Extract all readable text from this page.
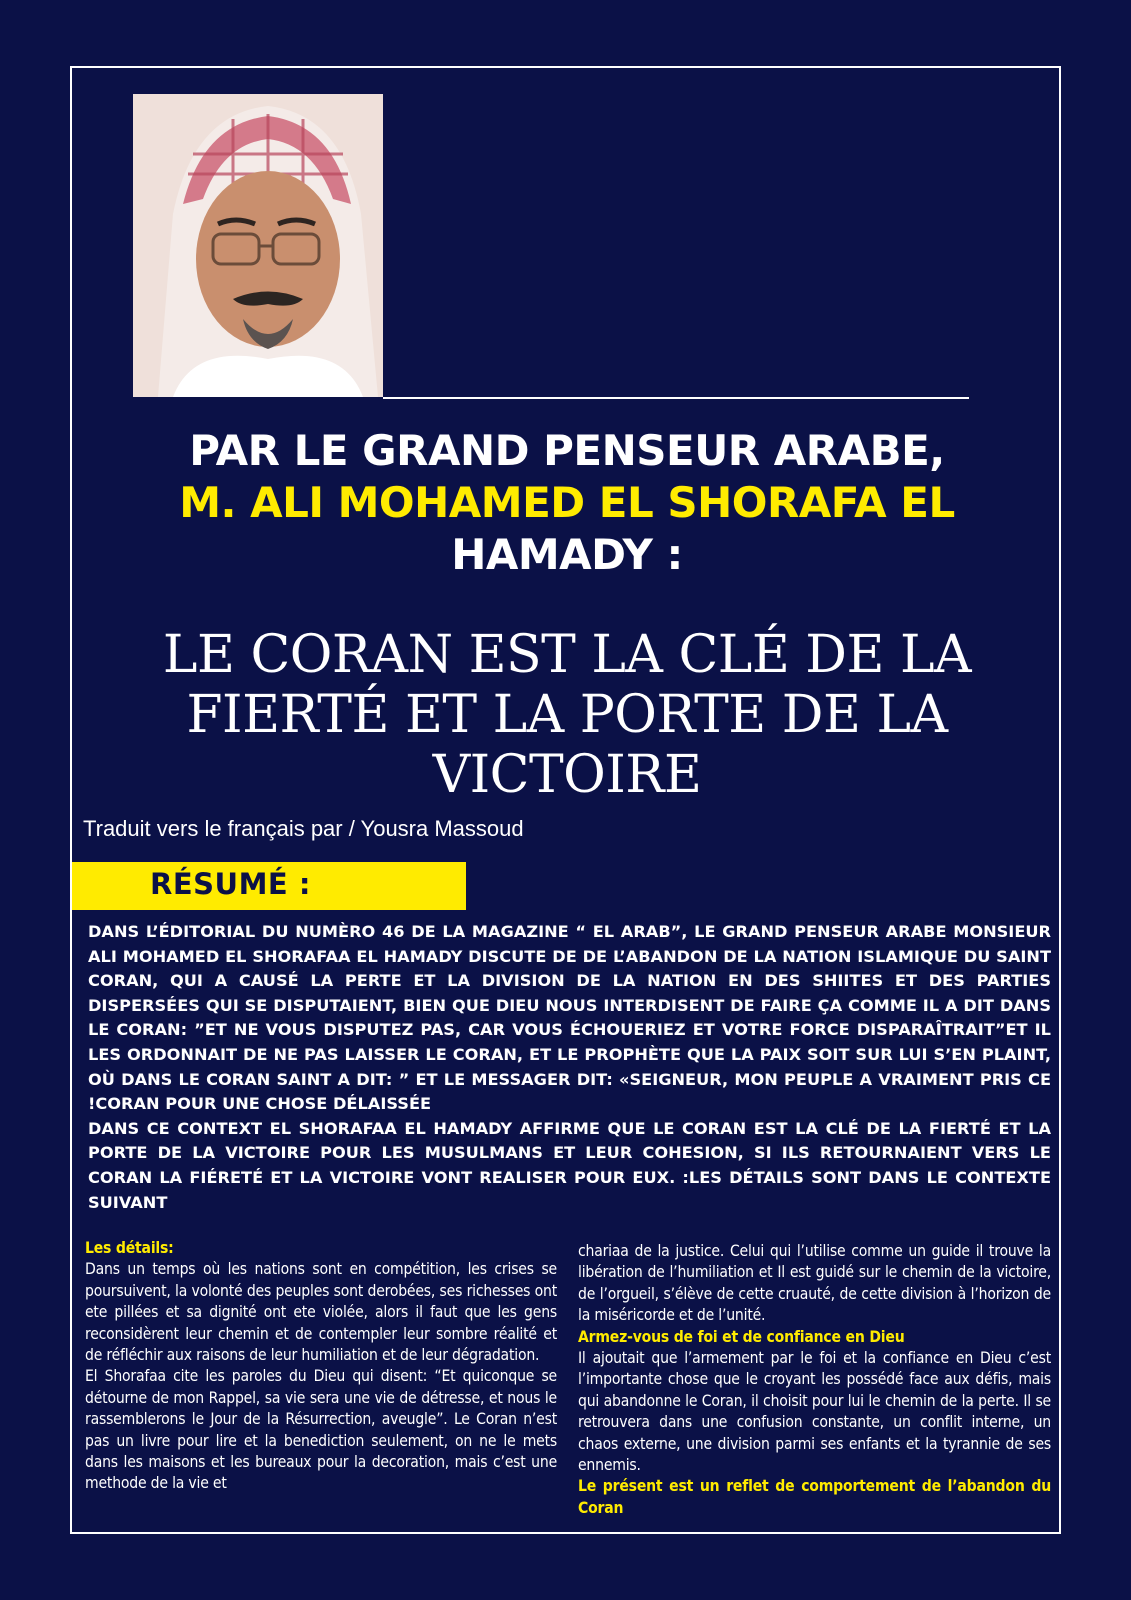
PAR LE GRAND PENSEUR ARABE,
M. ALI MOHAMED EL SHORAFA EL
HAMADY :
LE CORAN EST LA CLÉ DE LA
FIERTÉ ET LA PORTE DE LA
VICTOIRE
Traduit vers le français par / Yousra Massoud
RÉSUMÉ :

DANS L’ÉDITORIAL DU NUMÈRO 46 DE LA MAGAZINE “ EL ARAB”, LE GRAND PENSEUR ARABE MONSIEUR ALI MOHAMED EL SHORAFAA EL HAMADY DISCUTE DE DE L’ABANDON DE LA NATION ISLAMIQUE DU SAINT CORAN, QUI A CAUSÉ LA PERTE ET LA DIVISION DE LA NATION EN DES SHIITES ET DES PARTIES DISPERSÉES QUI SE DISPUTAIENT, BIEN QUE DIEU NOUS INTERDISENT DE FAIRE ÇA COMME IL A DIT DANS LE CORAN: ”ET NE VOUS DISPUTEZ PAS, CAR VOUS ÉCHOUERIEZ ET VOTRE FORCE DISPARAÎTRAIT”ET IL LES ORDONNAIT DE NE PAS LAISSER LE CORAN, ET LE PROPHÈTE QUE LA PAIX SOIT SUR LUI S’EN PLAINT, OÙ DANS LE CORAN SAINT A DIT: ” ET LE MESSAGER DIT: «SEIGNEUR, MON PEUPLE A VRAIMENT PRIS CE !CORAN POUR UNE CHOSE DÉLAISSÉE

DANS CE CONTEXT EL SHORAFAA EL HAMADY AFFIRME QUE LE CORAN EST LA CLÉ DE LA FIERTÉ ET LA PORTE DE LA VICTOIRE POUR LES MUSULMANS ET LEUR COHESION, SI ILS RETOURNAIENT VERS LE CORAN LA FIÉRETÉ ET LA VICTOIRE VONT REALISER POUR EUX. :LES DÉTAILS SONT DANS LE CONTEXTE SUIVANT

Les détails:

Dans un temps où les nations sont en compétition, les crises se poursuivent, la volonté des peuples sont derobées, ses richesses ont ete pillées et sa dignité ont ete violée, alors il faut que les gens reconsidèrent leur chemin et de contempler leur sombre réalité et de réfléchir aux raisons de leur humiliation et de leur dégradation.

El Shorafaa cite les paroles du Dieu qui disent: “Et quiconque se détourne de mon Rappel, sa vie sera une vie de détresse, et nous le rassemblerons le Jour de la Résurrection, aveugle”. Le Coran n’est pas un livre pour lire et la benediction seulement, on ne le mets dans les maisons et les bureaux pour la decoration, mais c’est une methode de la vie et

chariaa de la justice. Celui qui l’utilise comme un guide il trouve la libération de l’humiliation et Il est guidé sur le chemin de la victoire, de l’orgueil, s’élève de cette cruauté, de cette division à l’horizon de la miséricorde et de l’unité.

Armez-vous de foi et de confiance en Dieu

Il ajoutait que l’armement par le foi et la confiance en Dieu c’est l’importante chose que le croyant les possédé face aux défis, mais qui abandonne le Coran, il choisit pour lui le chemin de la perte. Il se retrouvera dans une confusion constante, un conflit interne, un chaos externe, une division parmi ses enfants et la tyrannie de ses ennemis.

Le présent est un reflet de comportement de l’abandon du Coran
